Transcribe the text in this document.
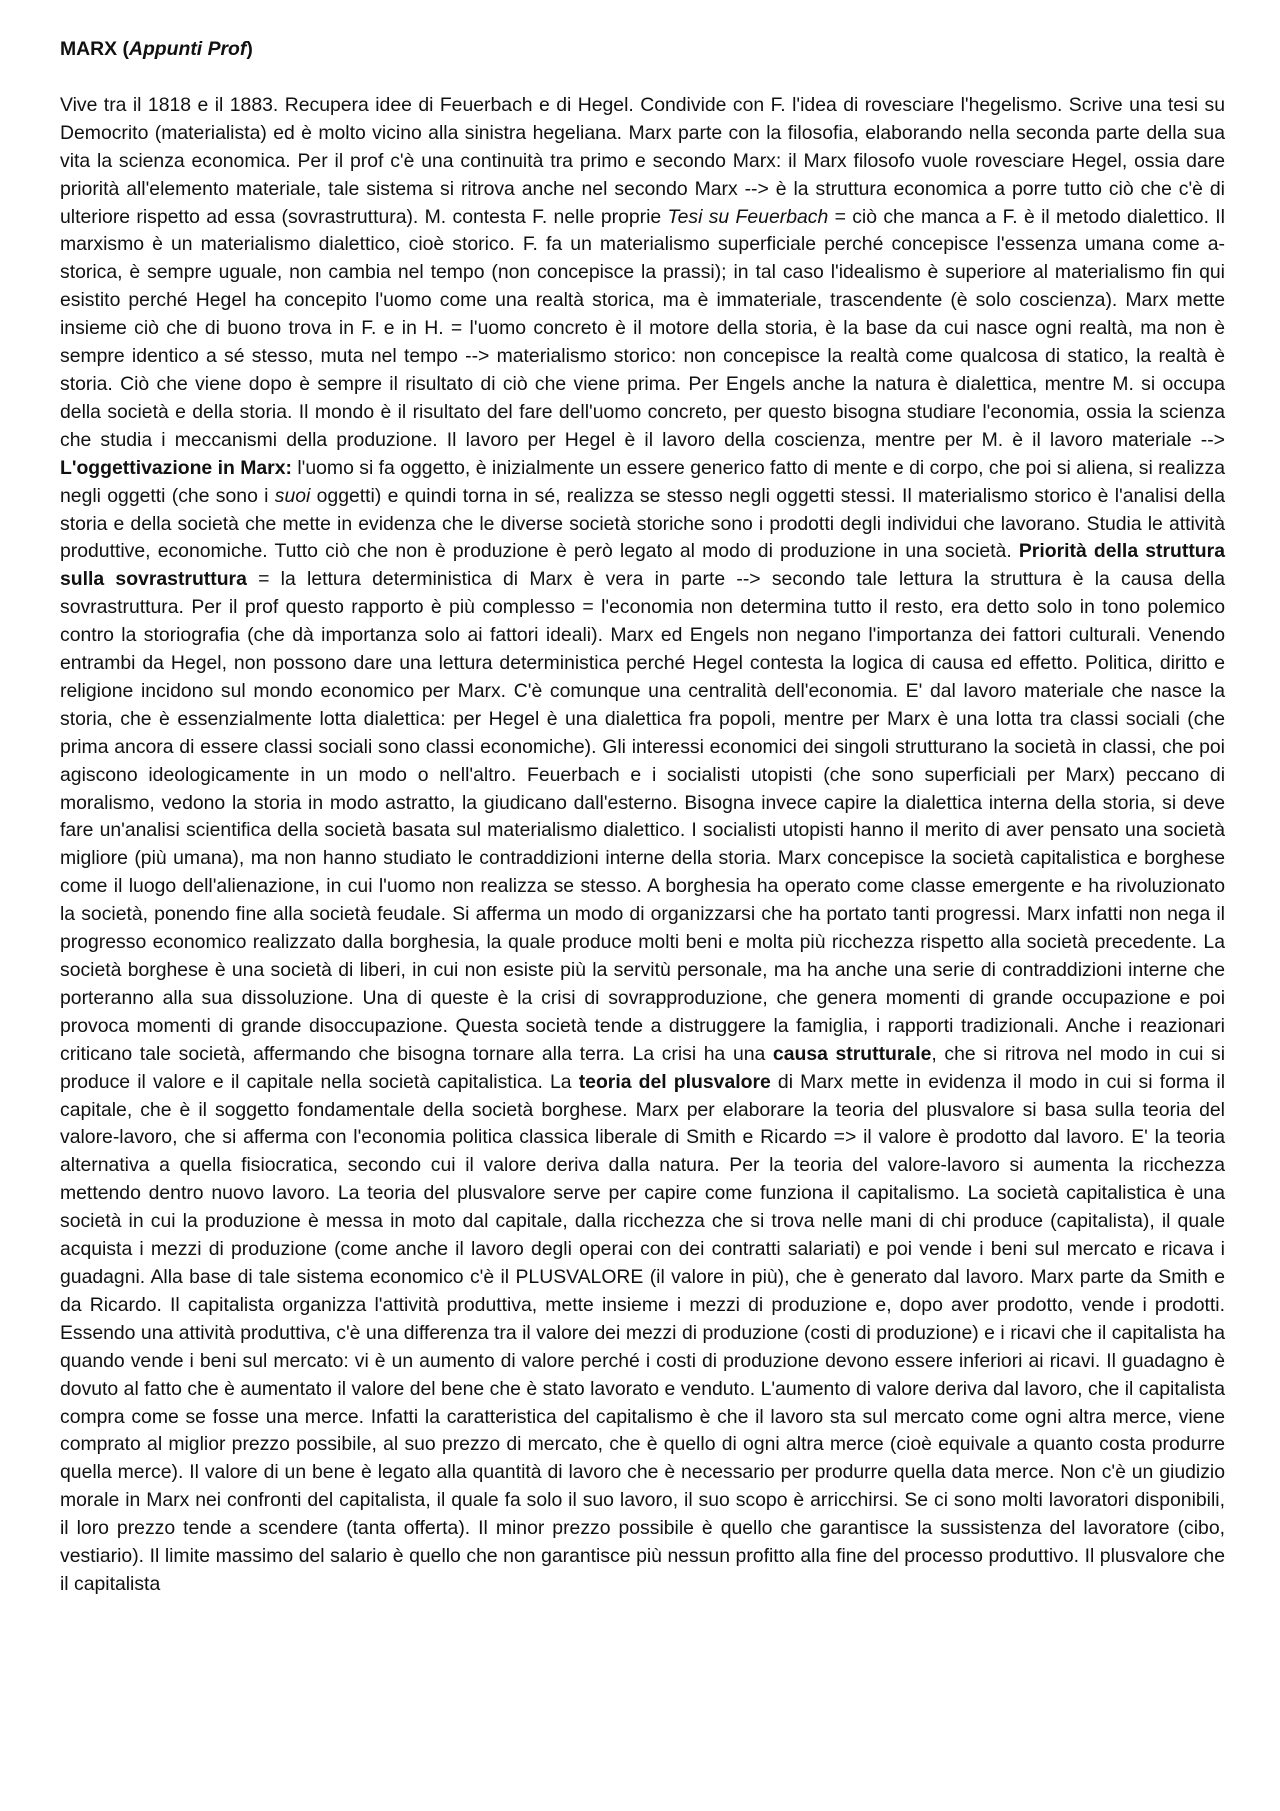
MARX (Appunti Prof)

Vive tra il 1818 e il 1883. Recupera idee di Feuerbach e di Hegel. Condivide con F. l'idea di rovesciare l'hegelismo. Scrive una tesi su Democrito (materialista) ed è molto vicino alla sinistra hegeliana. Marx parte con la filosofia, elaborando nella seconda parte della sua vita la scienza economica. Per il prof c'è una continuità tra primo e secondo Marx: il Marx filosofo vuole rovesciare Hegel, ossia dare priorità all'elemento materiale, tale sistema si ritrova anche nel secondo Marx --> è la struttura economica a porre tutto ciò che c'è di ulteriore rispetto ad essa (sovrastruttura). M. contesta F. nelle proprie Tesi su Feuerbach = ciò che manca a F. è il metodo dialettico. Il marxismo è un materialismo dialettico, cioè storico. F. fa un materialismo superficiale perché concepisce l'essenza umana come a-storica, è sempre uguale, non cambia nel tempo (non concepisce la prassi); in tal caso l'idealismo è superiore al materialismo fin qui esistito perché Hegel ha concepito l'uomo come una realtà storica, ma è immateriale, trascendente (è solo coscienza). Marx mette insieme ciò che di buono trova in F. e in H. = l'uomo concreto è il motore della storia, è la base da cui nasce ogni realtà, ma non è sempre identico a sé stesso, muta nel tempo --> materialismo storico: non concepisce la realtà come qualcosa di statico, la realtà è storia. Ciò che viene dopo è sempre il risultato di ciò che viene prima. Per Engels anche la natura è dialettica, mentre M. si occupa della società e della storia. Il mondo è il risultato del fare dell'uomo concreto, per questo bisogna studiare l'economia, ossia la scienza che studia i meccanismi della produzione. Il lavoro per Hegel è il lavoro della coscienza, mentre per M. è il lavoro materiale --> L'oggettivazione in Marx: l'uomo si fa oggetto, è inizialmente un essere generico fatto di mente e di corpo, che poi si aliena, si realizza negli oggetti (che sono i suoi oggetti) e quindi torna in sé, realizza se stesso negli oggetti stessi. Il materialismo storico è l'analisi della storia e della società che mette in evidenza che le diverse società storiche sono i prodotti degli individui che lavorano. Studia le attività produttive, economiche. Tutto ciò che non è produzione è però legato al modo di produzione in una società. Priorità della struttura sulla sovrastruttura = la lettura deterministica di Marx è vera in parte --> secondo tale lettura la struttura è la causa della sovrastruttura. Per il prof questo rapporto è più complesso = l'economia non determina tutto il resto, era detto solo in tono polemico contro la storiografia (che dà importanza solo ai fattori ideali). Marx ed Engels non negano l'importanza dei fattori culturali. Venendo entrambi da Hegel, non possono dare una lettura deterministica perché Hegel contesta la logica di causa ed effetto. Politica, diritto e religione incidono sul mondo economico per Marx. C'è comunque una centralità dell'economia. E' dal lavoro materiale che nasce la storia, che è essenzialmente lotta dialettica: per Hegel è una dialettica fra popoli, mentre per Marx è una lotta tra classi sociali (che prima ancora di essere classi sociali sono classi economiche). Gli interessi economici dei singoli strutturano la società in classi, che poi agiscono ideologicamente in un modo o nell'altro. Feuerbach e i socialisti utopisti (che sono superficiali per Marx) peccano di moralismo, vedono la storia in modo astratto, la giudicano dall'esterno. Bisogna invece capire la dialettica interna della storia, si deve fare un'analisi scientifica della società basata sul materialismo dialettico. I socialisti utopisti hanno il merito di aver pensato una società migliore (più umana), ma non hanno studiato le contraddizioni interne della storia. Marx concepisce la società capitalistica e borghese come il luogo dell'alienazione, in cui l'uomo non realizza se stesso. A borghesia ha operato come classe emergente e ha rivoluzionato la società, ponendo fine alla società feudale. Si afferma un modo di organizzarsi che ha portato tanti progressi. Marx infatti non nega il progresso economico realizzato dalla borghesia, la quale produce molti beni e molta più ricchezza rispetto alla società precedente. La società borghese è una società di liberi, in cui non esiste più la servitù personale, ma ha anche una serie di contraddizioni interne che porteranno alla sua dissoluzione. Una di queste è la crisi di sovrapproduzione, che genera momenti di grande occupazione e poi provoca momenti di grande disoccupazione. Questa società tende a distruggere la famiglia, i rapporti tradizionali. Anche i reazionari criticano tale società, affermando che bisogna tornare alla terra. La crisi ha una causa strutturale, che si ritrova nel modo in cui si produce il valore e il capitale nella società capitalistica. La teoria del plusvalore di Marx mette in evidenza il modo in cui si forma il capitale, che è il soggetto fondamentale della società borghese. Marx per elaborare la teoria del plusvalore si basa sulla teoria del valore-lavoro, che si afferma con l'economia politica classica liberale di Smith e Ricardo => il valore è prodotto dal lavoro. E' la teoria alternativa a quella fisiocratica, secondo cui il valore deriva dalla natura. Per la teoria del valore-lavoro si aumenta la ricchezza mettendo dentro nuovo lavoro. La teoria del plusvalore serve per capire come funziona il capitalismo. La società capitalistica è una società in cui la produzione è messa in moto dal capitale, dalla ricchezza che si trova nelle mani di chi produce (capitalista), il quale acquista i mezzi di produzione (come anche il lavoro degli operai con dei contratti salariati) e poi vende i beni sul mercato e ricava i guadagni. Alla base di tale sistema economico c'è il PLUSVALORE (il valore in più), che è generato dal lavoro. Marx parte da Smith e da Ricardo. Il capitalista organizza l'attività produttiva, mette insieme i mezzi di produzione e, dopo aver prodotto, vende i prodotti. Essendo una attività produttiva, c'è una differenza tra il valore dei mezzi di produzione (costi di produzione) e i ricavi che il capitalista ha quando vende i beni sul mercato: vi è un aumento di valore perché i costi di produzione devono essere inferiori ai ricavi. Il guadagno è dovuto al fatto che è aumentato il valore del bene che è stato lavorato e venduto. L'aumento di valore deriva dal lavoro, che il capitalista compra come se fosse una merce. Infatti la caratteristica del capitalismo è che il lavoro sta sul mercato come ogni altra merce, viene comprato al miglior prezzo possibile, al suo prezzo di mercato, che è quello di ogni altra merce (cioè equivale a quanto costa produrre quella merce). Il valore di un bene è legato alla quantità di lavoro che è necessario per produrre quella data merce. Non c'è un giudizio morale in Marx nei confronti del capitalista, il quale fa solo il suo lavoro, il suo scopo è arricchirsi. Se ci sono molti lavoratori disponibili, il loro prezzo tende a scendere (tanta offerta). Il minor prezzo possibile è quello che garantisce la sussistenza del lavoratore (cibo, vestiario). Il limite massimo del salario è quello che non garantisce più nessun profitto alla fine del processo produttivo. Il plusvalore che il capitalista
